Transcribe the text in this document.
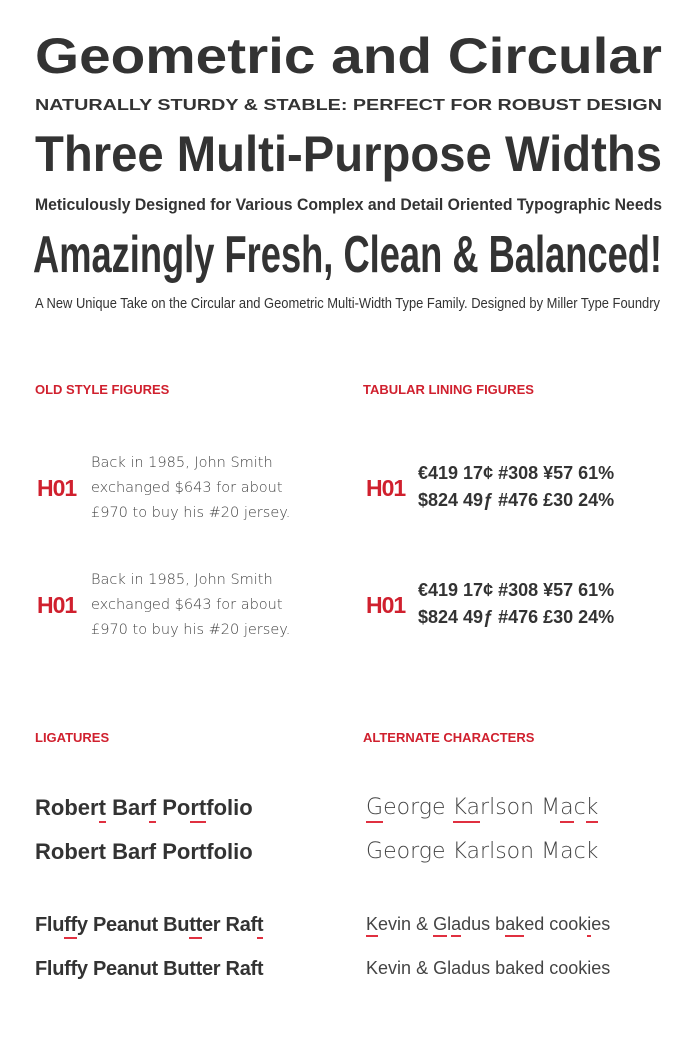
Geometric and Circular
NATURALLY STURDY & STABLE: PERFECT FOR ROBUST DESIGN
Three Multi-Purpose Widths
Meticulously Designed for Various Complex and Detail Oriented Typographic Needs
Amazingly Fresh, Clean & Balanced!
A New Unique Take on the Circular and Geometric Multi-Width Type Family. Designed by Miller Type Foundry
OLD STYLE FIGURES	TABULAR LINING FIGURES
H01
Back in 1985, John Smith
exchanged $643 for about
£970 to buy his #20 jersey.
H01
Back in 1985, John Smith
exchanged $643 for about
£970 to buy his #20 jersey.
H01
€419 17¢ #308 ¥57 61%
$824 49ƒ #476 £30 24%
H01
€419 17¢ #308 ¥57 61%
$824 49ƒ #476 £30 24%
LIGATURES	ALTERNATE CHARACTERS
Robert Barf Portfolio
Robert Barf Portfolio
Fluffy Peanut Butter Raft
Fluffy Peanut Butter Raft
George Karlson Mack
George Karlson Mack
Kevin & Gladus baked cookies
Kevin & Gladus baked cookies
